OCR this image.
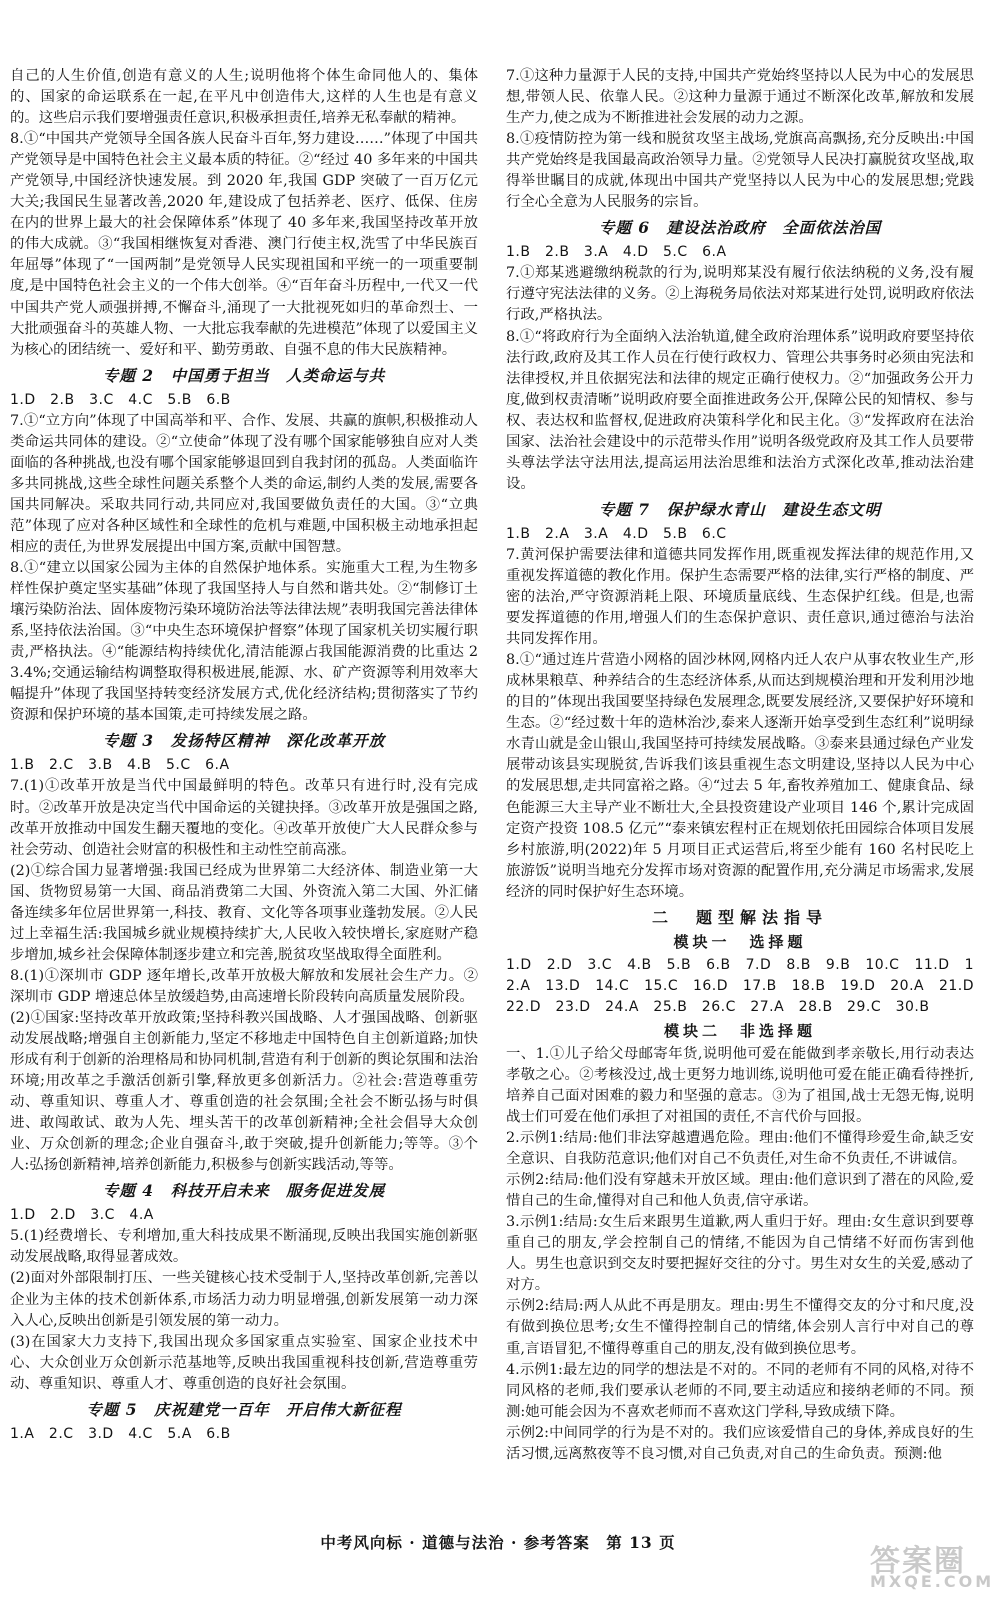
自己的人生价值,创造有意义的人生;说明他将个体生命同他人的、集体的、国家的命运联系在一起,在平凡中创造伟大,这样的人生也是有意义的。这些启示我们要增强责任意识,积极承担责任,培养无私奉献的精神。

8.①“中国共产党领导全国各族人民奋斗百年,努力建设……”体现了中国共产党领导是中国特色社会主义最本质的特征。②“经过 40 多年来的中国共产党领导,中国经济快速发展。到 2020 年,我国 GDP 突破了一百万亿元大关;我国民生显著改善,2020 年,建设成了包括养老、医疗、低保、住房在内的世界上最大的社会保障体系”体现了 40 多年来,我国坚持改革开放的伟大成就。③“我国相继恢复对香港、澳门行使主权,洗雪了中华民族百年屈辱”体现了“一国两制”是党领导人民实现祖国和平统一的一项重要制度,是中国特色社会主义的一个伟大创举。④“百年奋斗历程中,一代又一代中国共产党人顽强拼搏,不懈奋斗,涌现了一大批视死如归的革命烈士、一大批顽强奋斗的英雄人物、一大批忘我奉献的先进模范”体现了以爱国主义为核心的团结统一、爱好和平、勤劳勇敢、自强不息的伟大民族精神。

专题 2　中国勇于担当　人类命运与共

1.D　2.B　3.C　4.C　5.B　6.B

7.①“立方向”体现了中国高举和平、合作、发展、共赢的旗帜,积极推动人类命运共同体的建设。②“立使命”体现了没有哪个国家能够独自应对人类面临的各种挑战,也没有哪个国家能够退回到自我封闭的孤岛。人类面临许多共同挑战,这些全球性问题关系整个人类的命运,制约人类的发展,需要各国共同解决。采取共同行动,共同应对,我国要做负责任的大国。③“立典范”体现了应对各种区域性和全球性的危机与难题,中国积极主动地承担起相应的责任,为世界发展提出中国方案,贡献中国智慧。

8.①“建立以国家公园为主体的自然保护地体系。实施重大工程,为生物多样性保护奠定坚实基础”体现了我国坚持人与自然和谐共处。②“制修订土壤污染防治法、固体废物污染环境防治法等法律法规”表明我国完善法律体系,坚持依法治国。③“中央生态环境保护督察”体现了国家机关切实履行职责,严格执法。④“能源结构持续优化,清洁能源占我国能源消费的比重达 23.4%;交通运输结构调整取得积极进展,能源、水、矿产资源等利用效率大幅提升”体现了我国坚持转变经济发展方式,优化经济结构;贯彻落实了节约资源和保护环境的基本国策,走可持续发展之路。

专题 3　发扬特区精神　深化改革开放

1.B　2.C　3.B　4.B　5.C　6.A

7.(1)①改革开放是当代中国最鲜明的特色。改革只有进行时,没有完成时。②改革开放是决定当代中国命运的关键抉择。③改革开放是强国之路,改革开放推动中国发生翻天覆地的变化。④改革开放使广大人民群众参与社会劳动、创造社会财富的积极性和主动性空前高涨。

(2)①综合国力显著增强:我国已经成为世界第二大经济体、制造业第一大国、货物贸易第一大国、商品消费第二大国、外资流入第二大国、外汇储备连续多年位居世界第一,科技、教育、文化等各项事业蓬勃发展。②人民过上幸福生活:我国城乡就业规模持续扩大,人民收入较快增长,家庭财产稳步增加,城乡社会保障体制逐步建立和完善,脱贫攻坚战取得全面胜利。

8.(1)①深圳市 GDP 逐年增长,改革开放极大解放和发展社会生产力。②深圳市 GDP 增速总体呈放缓趋势,由高速增长阶段转向高质量发展阶段。

(2)①国家:坚持改革开放政策;坚持科教兴国战略、人才强国战略、创新驱动发展战略;增强自主创新能力,坚定不移地走中国特色自主创新道路;加快形成有利于创新的治理格局和协同机制,营造有利于创新的舆论氛围和法治环境;用改革之手激活创新引擎,释放更多创新活力。②社会:营造尊重劳动、尊重知识、尊重人才、尊重创造的社会氛围;全社会不断弘扬与时俱进、敢闯敢试、敢为人先、埋头苦干的改革创新精神;全社会倡导大众创业、万众创新的理念;企业自强奋斗,敢于突破,提升创新能力;等等。③个人:弘扬创新精神,培养创新能力,积极参与创新实践活动,等等。

专题 4　科技开启未来　服务促进发展

1.D　2.D　3.C　4.A

5.(1)经费增长、专利增加,重大科技成果不断涌现,反映出我国实施创新驱动发展战略,取得显著成效。

(2)面对外部限制打压、一些关键核心技术受制于人,坚持改革创新,完善以企业为主体的技术创新体系,市场活力动力明显增强,创新发展第一动力深入人心,反映出创新是引领发展的第一动力。

(3)在国家大力支持下,我国出现众多国家重点实验室、国家企业技术中心、大众创业万众创新示范基地等,反映出我国重视科技创新,营造尊重劳动、尊重知识、尊重人才、尊重创造的良好社会氛围。

专题 5　庆祝建党一百年　开启伟大新征程

1.A　2.C　3.D　4.C　5.A　6.B

7.①这种力量源于人民的支持,中国共产党始终坚持以人民为中心的发展思想,带领人民、依靠人民。②这种力量源于通过不断深化改革,解放和发展生产力,使之成为不断推进社会发展的动力之源。

8.①疫情防控为第一线和脱贫攻坚主战场,党旗高高飘扬,充分反映出:中国共产党始终是我国最高政治领导力量。②党领导人民决打赢脱贫攻坚战,取得举世瞩目的成就,体现出中国共产党坚持以人民为中心的发展思想;党践行全心全意为人民服务的宗旨。

专题 6　建设法治政府　全面依法治国

1.B　2.B　3.A　4.D　5.C　6.A

7.①郑某逃避缴纳税款的行为,说明郑某没有履行依法纳税的义务,没有履行遵守宪法法律的义务。②上海税务局依法对郑某进行处罚,说明政府依法行政,严格执法。

8.①“将政府行为全面纳入法治轨道,健全政府治理体系”说明政府要坚持依法行政,政府及其工作人员在行使行政权力、管理公共事务时必须由宪法和法律授权,并且依据宪法和法律的规定正确行使权力。②“加强政务公开力度,做到权责清晰”说明政府要全面推进政务公开,保障公民的知情权、参与权、表达权和监督权,促进政府决策科学化和民主化。③“发挥政府在法治国家、法治社会建设中的示范带头作用”说明各级党政府及其工作人员要带头尊法学法守法用法,提高运用法治思维和法治方式深化改革,推动法治建设。

专题 7　保护绿水青山　建设生态文明

1.B　2.A　3.A　4.D　5.B　6.C

7.黄河保护需要法律和道德共同发挥作用,既重视发挥法律的规范作用,又重视发挥道德的教化作用。保护生态需要严格的法律,实行严格的制度、严密的法治,严守资源消耗上限、环境质量底线、生态保护红线。但是,也需要发挥道德的作用,增强人们的生态保护意识、责任意识,通过德治与法治共同发挥作用。

8.①“通过连片营造小网格的固沙林网,网格内迁人农户从事农牧业生产,形成林果粮草、种养结合的生态经济体系,从而达到规模治理和开发利用沙地的目的”体现出我国要坚持绿色发展理念,既要发展经济,又要保护好环境和生态。②“经过数十年的造林治沙,泰来人逐渐开始享受到生态红利”说明绿水青山就是金山银山,我国坚持可持续发展战略。③泰来县通过绿色产业发展带动该县实现脱贫,告诉我们该县重视生态文明建设,坚持以人民为中心的发展思想,走共同富裕之路。④“过去 5 年,畜牧养殖加工、健康食品、绿色能源三大主导产业不断壮大,全县投资建设产业项目 146 个,累计完成固定资产投资 108.5 亿元”“泰来镇宏程村正在规划依托田园综合体项目发展乡村旅游,明(2022)年 5 月项目正式运营后,将至少能有 160 名村民吃上旅游饭”说明当地充分发挥市场对资源的配置作用,充分满足市场需求,发展经济的同时保护好生态环境。

二　题型解法指导
模块一　选择题

1.D　2.D　3.C　4.B　5.B　6.B　7.D　8.B　9.B　10.C　11.D　12.A　13.D　14.C　15.C　16.D　17.B　18.B　19.D　20.A　21.D　22.D　23.D　24.A　25.B　26.C　27.A　28.B　29.C　30.B

模块二　非选择题

一、1.①儿子给父母邮寄年货,说明他可爱在能做到孝亲敬长,用行动表达孝敬之心。②考核没过,战士更努力地训练,说明他可爱在能正确看待挫折,培养自己面对困难的毅力和坚强的意志。③为了祖国,战士无怨无悔,说明战士们可爱在他们承担了对祖国的责任,不言代价与回报。

2.示例1:结局:他们非法穿越遭遇危险。理由:他们不懂得珍爱生命,缺乏安全意识、自我防范意识;他们对自己不负责任,对生命不负责任,不讲诚信。

示例2:结局:他们没有穿越未开放区域。理由:他们意识到了潜在的风险,爱惜自己的生命,懂得对自己和他人负责,信守承诺。

3.示例1:结局:女生后来跟男生道歉,两人重归于好。理由:女生意识到要尊重自己的朋友,学会控制自己的情绪,不能因为自己情绪不好而伤害到他人。男生也意识到交友时要把握好交往的分寸。男生对女生的关爱,感动了对方。

示例2:结局:两人从此不再是朋友。理由:男生不懂得交友的分寸和尺度,没有做到换位思考;女生不懂得控制自己的情绪,体会别人言行中对自己的尊重,言语冒犯,不懂得尊重自己的朋友,没有做到换位思考。

4.示例1:最左边的同学的想法是不对的。不同的老师有不同的风格,对待不同风格的老师,我们要承认老师的不同,要主动适应和接纳老师的不同。预测:她可能会因为不喜欢老师而不喜欢这门学科,导致成绩下降。

示例2:中间同学的行为是不对的。我们应该爱惜自己的身体,养成良好的生活习惯,远离熬夜等不良习惯,对自己负责,对自己的生命负责。预测:他

中考风向标 · 道德与法治 · 参考答案　第 13 页
答案圈
MXQE.COM
